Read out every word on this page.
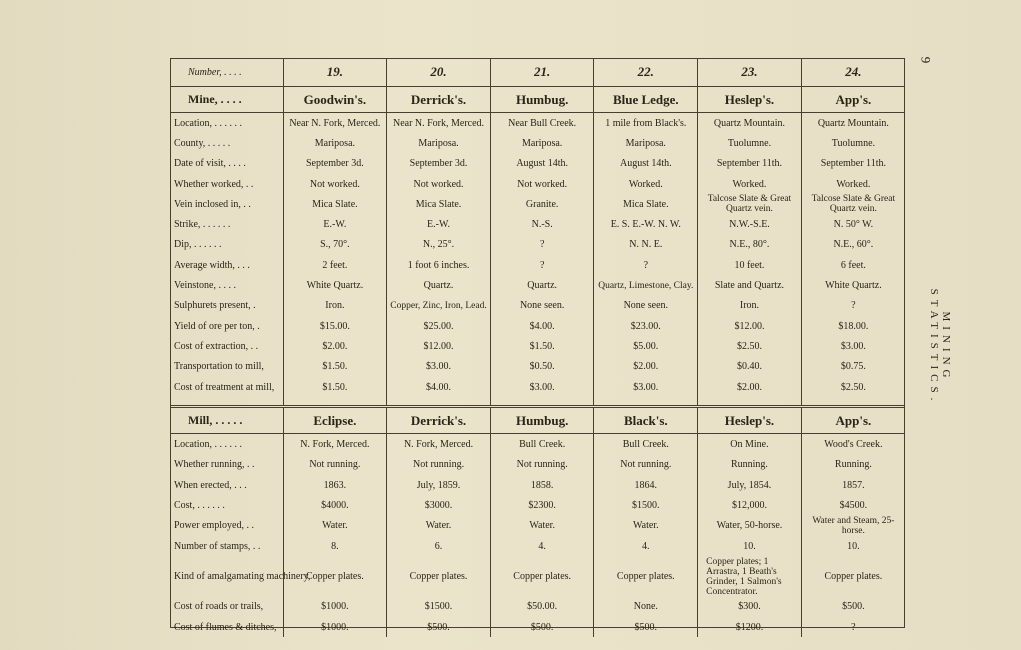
Number, . . . .	19.	20.	21.	22.	23.	24.
Mine, . . . .	Goodwin's.	Derrick's.	Humbug.	Blue Ledge.	Heslep's.	App's.
Location, . . . . . .	Near N. Fork, Merced.	Near N. Fork, Merced.	Near Bull Creek.	1 mile from Black's.	Quartz Mountain.	Quartz Mountain.
County, . . . . .	Mariposa.	Mariposa.	Mariposa.	Mariposa.	Tuolumne.	Tuolumne.
Date of visit, . . . .	September 3d.	September 3d.	August 14th.	August 14th.	September 11th.	September 11th.
Whether worked, . .	Not worked.	Not worked.	Not worked.	Worked.	Worked.	Worked.
Vein inclosed in, . .	Mica Slate.	Mica Slate.	Granite.	Mica Slate.	Talcose Slate & Great Quartz vein.	Talcose Slate & Great Quartz vein.
Strike, . . . . . .	E.-W.	E.-W.	N.-S.	E. S. E.-W. N. W.	N.W.-S.E.	N. 50° W.
Dip, . . . . . .	S., 70°.	N., 25°.	?	N. N. E.	N.E., 80°.	N.E., 60°.
Average width, . . .	2 feet.	1 foot 6 inches.	?	?	10 feet.	6 feet.
Veinstone, . . . .	White Quartz.	Quartz.	Quartz.	Quartz, Limestone, Clay.	Slate and Quartz.	White Quartz.
Sulphurets present, .	Iron.	Copper, Zinc, Iron, Lead.	None seen.	None seen.	Iron.	?
Yield of ore per ton, .	$15.00.	$25.00.	$4.00.	$23.00.	$12.00.	$18.00.
Cost of extraction, . .	$2.00.	$12.00.	$1.50.	$5.00.	$2.50.	$3.00.
Transportation to mill,	$1.50.	$3.00.	$0.50.	$2.00.	$0.40.	$0.75.
Cost of treatment at mill,	$1.50.	$4.00.	$3.00.	$3.00.	$2.00.	$2.50.

Mill, . . . . .	Eclipse.	Derrick's.	Humbug.	Black's.	Heslep's.	App's.
Location, . . . . . .	N. Fork, Merced.	N. Fork, Merced.	Bull Creek.	Bull Creek.	On Mine.	Wood's Creek.
Whether running, . .	Not running.	Not running.	Not running.	Not running.	Running.	Running.
When erected, . . .	1863.	July, 1859.	1858.	1864.	July, 1854.	1857.
Cost, . . . . . .	$4000.	$3000.	$2300.	$1500.	$12,000.	$4500.
Power employed, . .	Water.	Water.	Water.	Water.	Water, 50-horse.	Water and Steam, 25-horse.
Number of stamps, . .	8.	6.	4.	4.	10.	10.
Kind of amalgamating machinery,	Copper plates.	Copper plates.	Copper plates.	Copper plates.	Copper plates; 1 Arrastra, 1 Beath's Grinder, 1 Salmon's Concentrator.	Copper plates.
Cost of roads or trails,	$1000.	$1500.	$50.00.	None.	$300.	$500.
Cost of flumes & ditches,	$1000.	$500.	$500.	$500.	$1200.	?
9
MINING STATISTICS.
